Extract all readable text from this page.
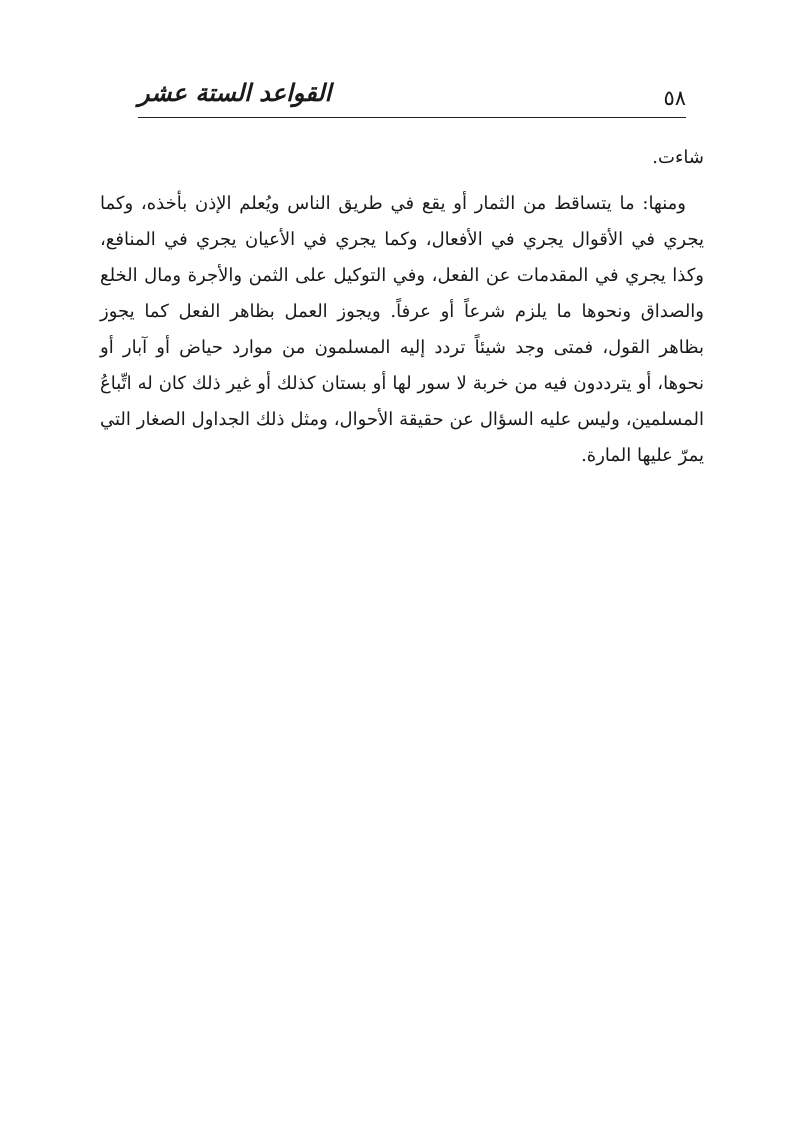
٥٨
القواعد الستة عشر

شاءت.

ومنها: ما يتساقط من الثمار أو يقع في طريق الناس ويُعلم الإذن بأخذه، وكما يجري في الأقوال يجري في الأفعال، وكما يجري في الأعيان يجري في المنافع، وكذا يجري في المقدمات عن الفعل، وفي التوكيل على الثمن والأجرة ومال الخلع والصداق ونحوها ما يلزم شرعاً أو عرفاً. ويجوز العمل بظاهر الفعل كما يجوز بظاهر القول، فمتى وجد شيئاً تردد إليه المسلمون من موارد حياض أو آبار أو نحوها، أو يترددون فيه من خربة لا سور لها أو بستان كذلك أو غير ذلك كان له اتِّباعُ المسلمين، وليس عليه السؤال عن حقيقة الأحوال، ومثل ذلك الجداول الصغار التي يمرّ عليها المارة.
